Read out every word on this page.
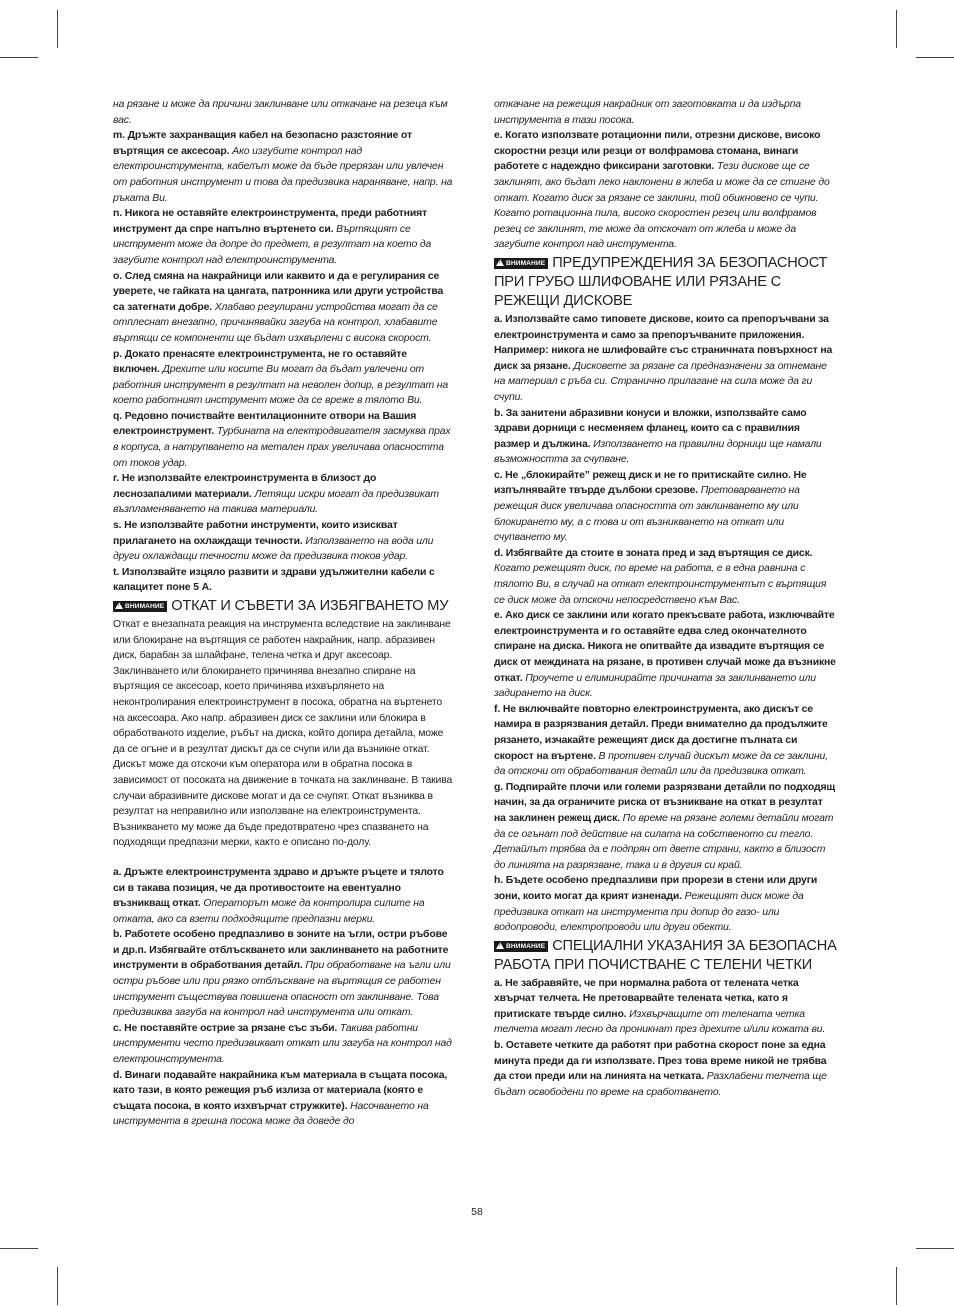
на рязане и може да причини заклинване или откачане на резеца към вас.

m. Дръжте захранващия кабел на безопасно разстояние от въртящия се аксесоар. Ако изгубите контрол над електроинструмента, кабелът може да бъде прерязан или увлечен от работния инструмент и това да предизвика нараняване, напр. на ръката Ви.

n. Никога не оставяйте електроинструмента, преди работният инструмент да спре напълно въртенето си. Въртящият се инструмент може да допре до предмет, в резултат на което да загубите контрол над електроинструмента.

o. След смяна на накрайници или каквито и да е регулирания се уверете, че гайката на цангата, патронника или други устройства са затегнати добре. Хлабаво регулирани устройства могат да се отплеснат внезапно, причинявайки загуба на контрол, хлабавите въртящи се компоненти ще бъдат изхвърлени с висока скорост.

p. Докато пренасяте електроинструмента, не го оставяйте включен. Дрехите или косите Ви могат да бъдат увлечени от работния инструмент в резултат на неволен допир, в резултат на което работният инструмент може да се вреже в тялото Ви.

q. Редовно почиствайте вентилационните отвори на Вашия електроинструмент. Турбината на електродвигателя засмуква прах в корпуса, а натрупването на метален прах увеличава опасността от токов удар.

r. Не използвайте електроинструмента в близост до леснозапалими материали. Летящи искри могат да предизвикат възпламеняването на такива материали.

s. Не използвайте работни инструменти, които изискват прилагането на охлаждащи течности. Използването на вода или други охлаждащи течности може да предизвика токов удар.

t. Използвайте изцяло развити и здрави удължителни кабели с капацитет поне 5 A.

!ВНИМАНИЕ ОТКАТ И СЪВЕТИ ЗА ИЗБЯГВАНЕТО МУ

Откат е внезапната реакция на инструмента вследствие на заклинване или блокиране на въртящия се работен накрайник, напр. абразивен диск, барабан за шлайфане, телена четка и друг аксесоар. Заклинването или блокирането причинява внезапно спиране на въртящия се аксесоар, което причинява изхвърлянето на неконтролирания електроинструмент в посока, обратна на въртенето на аксесоара. Ако напр. абразивен диск се заклини или блокира в обработваното изделие, ръбът на диска, който допира детайла, може да се огъне и в резултат дискът да се счупи или да възникне откат. Дискът може да отскочи към оператора или в обратна посока в зависимост от посоката на движение в точката на заклинване. В такива случаи абразивните дискове могат и да се счупят. Откат възниква в резултат на неправилно или използване на електроинструмента. Възникването му може да бъде предотвратено чрез спазването на подходящи предпазни мерки, както е описано по-долу.

a. Дръжте електроинструмента здраво и дръжте ръцете и тялото си в такава позиция, че да противостоите на евентуално възникващ откат. Операторът може да контролира силите на отката, ако са взети подходящите предпазни мерки.

b. Работете особено предпазливо в зоните на ъгли, остри ръбове и др.п. Избягвайте отблъскването или заклинването на работните инструменти в обработвания детайл. При обработване на ъгли или остри ръбове или при рязко отблъскване на въртящия се работен инструмент съществува повишена опасност от заклинване. Това предизвиква загуба на контрол над инструмента или откат.

c. Не поставяйте остриe за рязане със зъби. Такива работни инструменти често предизвикват откат или загуба на контрол над електроинструмента.

d. Винаги подавайте накрайника към материала в същата посока, като тази, в която режещия ръб излиза от материала (която е същата посока, в която изхвърчат стружките). Насочването на инструмента в грешна посока може да доведе до

откачане на режещия накрайник от заготовката и да издърпа инструмента в тази посока.

e. Когато използвате ротационни пили, отрезни дискове, високо скоростни резци или резци от волфрамова стомана, винаги работете с надеждно фиксирани заготовки. Тези дискове ще се заклинят, ако бъдат леко наклонени в жлеба и може да се стигне до откат. Когато диск за рязане се заклини, той обикновено се чупи. Когато ротационна пила, високо скоростен резец или волфрамов резец се заклинят, те може да отскочат от жлеба и може да загубите контрол над инструмента.

!ВНИМАНИЕ ПРЕДУПРЕЖДЕНИЯ ЗА БЕЗОПАСНОСТ ПРИ ГРУБО ШЛИФОВАНЕ ИЛИ РЯЗАНЕ С РЕЖЕЩИ ДИСКОВЕ

a. Използвайте само типовете дискове, които са препоръчвани за електроинструмента и само за препоръчваните приложения. Например: никога не шлифовайте със страничната повърхност на диск за рязане. Дисковете за рязане са предназначени за отнемане на материал с ръба си. Странично прилагане на сила може да ги счупи.

b. За занитени абразивни конуси и вложки, използвайте само здрави дорници с несменяем фланец, които са с правилния размер и дължина. Използването на правилни дорници ще намали възможността за счупване.

c. Не „блокирайте” режещ диск и не го притискайте силно. Не изпълнявайте твърде дълбоки срезове. Претоварването на режещия диск увеличава опасността от заклинването му или блокирането му, а с това и от възникването на откат или счупването му.

d. Избягвайте да стоите в зоната пред и зад въртящия се диск. Когато режещият диск, по време на работа, е в една равнина с тялото Ви, в случай на откат електроинструментът с въртящия се диск може да отскочи непосредствено към Вас.

e. Ако диск се заклини или когато прекъсвате работа, изключвайте електроинструмента и го оставяйте едва след окончателното спиране на диска. Никога не опитвайте да извадите въртящия се диск от междината на рязане, в противен случай може да възникне откат. Проучете и елиминирайте причината за заклинването или задирането на диск.

f. Не включвайте повторно електроинструмента, ако дискът се намира в разрязвания детайл. Преди внимателно да продължите рязането, изчакайте режещият диск да достигне пълната си скорост на въртене. В противен случай дискът може да се заклини, да отскочи от обработвания детайл или да предизвика откат.

g. Подпирайте плочи или големи разрязвани детайли по подходящ начин, за да ограничите риска от възникване на откат в резултат на заклинен режещ диск. По време на рязане големи детайли могат да се огънат под действие на силата на собственото си тегло. Детайлът трябва да е подпрян от двете страни, както в близост до линията на разрязване, така и в другия си край.

h. Бъдете особено предпазливи при прорези в стени или други зони, които могат да крият изненади. Режещият диск може да предизвика откат на инструмента при допир до газо- или водопроводи, електропроводи или други обекти.

!ВНИМАНИЕ СПЕЦИАЛНИ УКАЗАНИЯ ЗА БЕЗОПАСНА РАБОТА ПРИ ПОЧИСТВАНЕ С ТЕЛЕНИ ЧЕТКИ

a. Не забравяйте, че при нормална работа от телената четка хвърчат телчета. Не претоварвайте телената четка, като я притискате твърде силно. Изхвърчащите от телената четка телчета могат лесно да проникнат през дрехите и/или кожата ви.

b. Оставете четките да работят при работна скорост поне за една минута преди да ги използвате. През това време никой не трябва да стои преди или на линията на четката. Разхлабени телчета ще бъдат освободени по време на сработването.

58
